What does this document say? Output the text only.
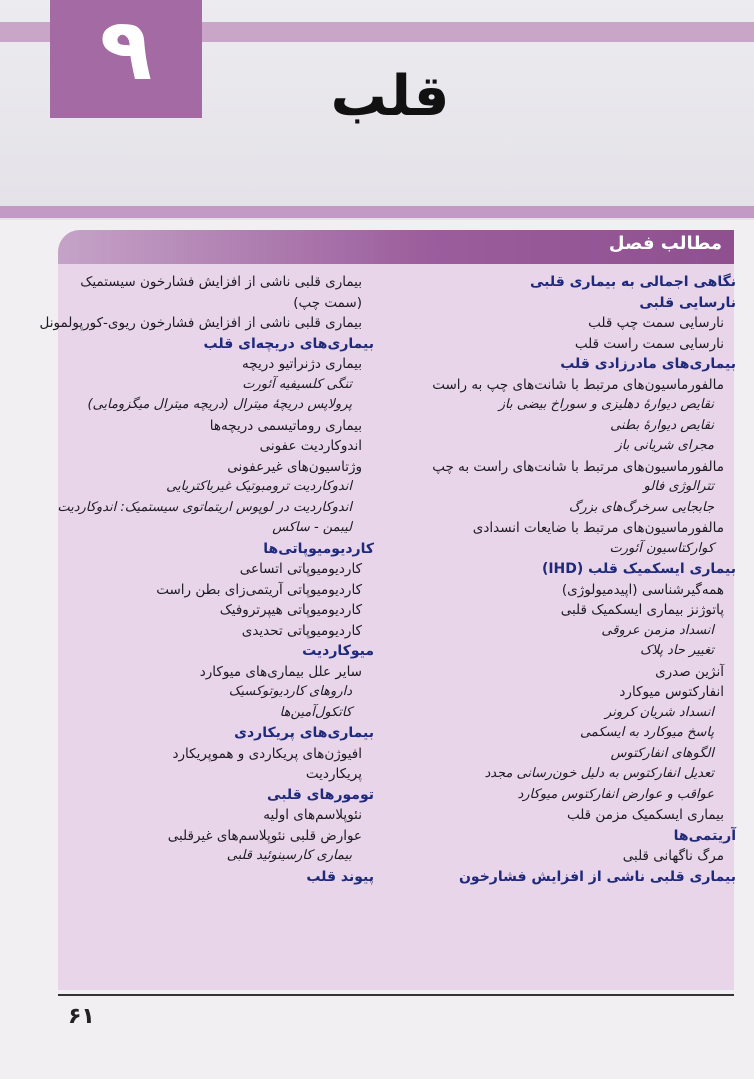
۹	قلب
مطالب فصل
نگاهی اجمالی به بیماری قلبی
نارسایی قلبی
نارسایی سمت چپ قلب
نارسایی سمت راست قلب
بیماری‌های مادرزادی قلب
مالفورماسیون‌های مرتبط با شانت‌های چپ به راست
نقایص دیوارهٔ دهلیزی و سوراخ بیضی باز
نقایص دیوارهٔ بطنی
مجرای شریانی باز
مالفورماسیون‌های مرتبط با شانت‌های راست به چپ
تترالوژی فالو
جابجایی سرخرگ‌های بزرگ
مالفورماسیون‌های مرتبط با ضایعات انسدادی
کوارکتاسیون آئورت
بیماری ایسکمیک قلب (IHD)
همه‌گیرشناسی (اپیدمیولوژی)
پاتوژنز بیماری ایسکمیک قلبی
انسداد مزمن عروقی
تغییر حاد پلاک
آنژین صدری
انفارکتوس میوکارد
انسداد شریان کرونر
پاسخ میوکارد به ایسکمی
الگوهای انفارکتوس
تعدیل انفارکتوس به دلیل خون‌رسانی مجدد
عواقب و عوارض انفارکتوس میوکارد
بیماری ایسکمیک مزمن قلب
آریتمی‌ها
مرگ ناگهانی قلبی
بیماری قلبی ناشی از افزایش فشارخون
بیماری قلبی ناشی از افزایش فشارخون سیستمیک (سمت چپ)
بیماری قلبی ناشی از افزایش فشارخون ریوی-کورپولمونل
بیماری‌های دریچه‌ای قلب
بیماری دژنراتیو دریچه
تنگی کلسیفیه آئورت
پرولاپس دریچهٔ میترال (دریچه میترال میگزومایی)
بیماری روماتیسمی دریچه‌ها
اندوکاردیت عفونی
وژتاسیون‌های غیرعفونی
اندوکاردیت ترومبوتیک غیرباکتریایی
اندوکاردیت در لوپوس اریتماتوی سیستمیک: اندوکاردیت لیبمن - ساکس
کاردیومیوپاتی‌ها
کاردیومیوپاتی اتساعی
کاردیومیوپاتی آریتمی‌زای بطن راست
کاردیومیوپاتی هیپرتروفیک
کاردیومیوپاتی تحدیدی
میوکاردیت
سایر علل بیماری‌های میوکارد
داروهای کاردیوتوکسیک
کاتکول‌آمین‌ها
بیماری‌های پریکاردی
افیوژن‌های پریکاردی و هموپریکارد
پریکاردیت
تومورهای قلبی
نئوپلاسم‌های اولیه
عوارض قلبی نئوپلاسم‌های غیرقلبی
بیماری کارسینوئید قلبی
پیوند قلب
۶۱
